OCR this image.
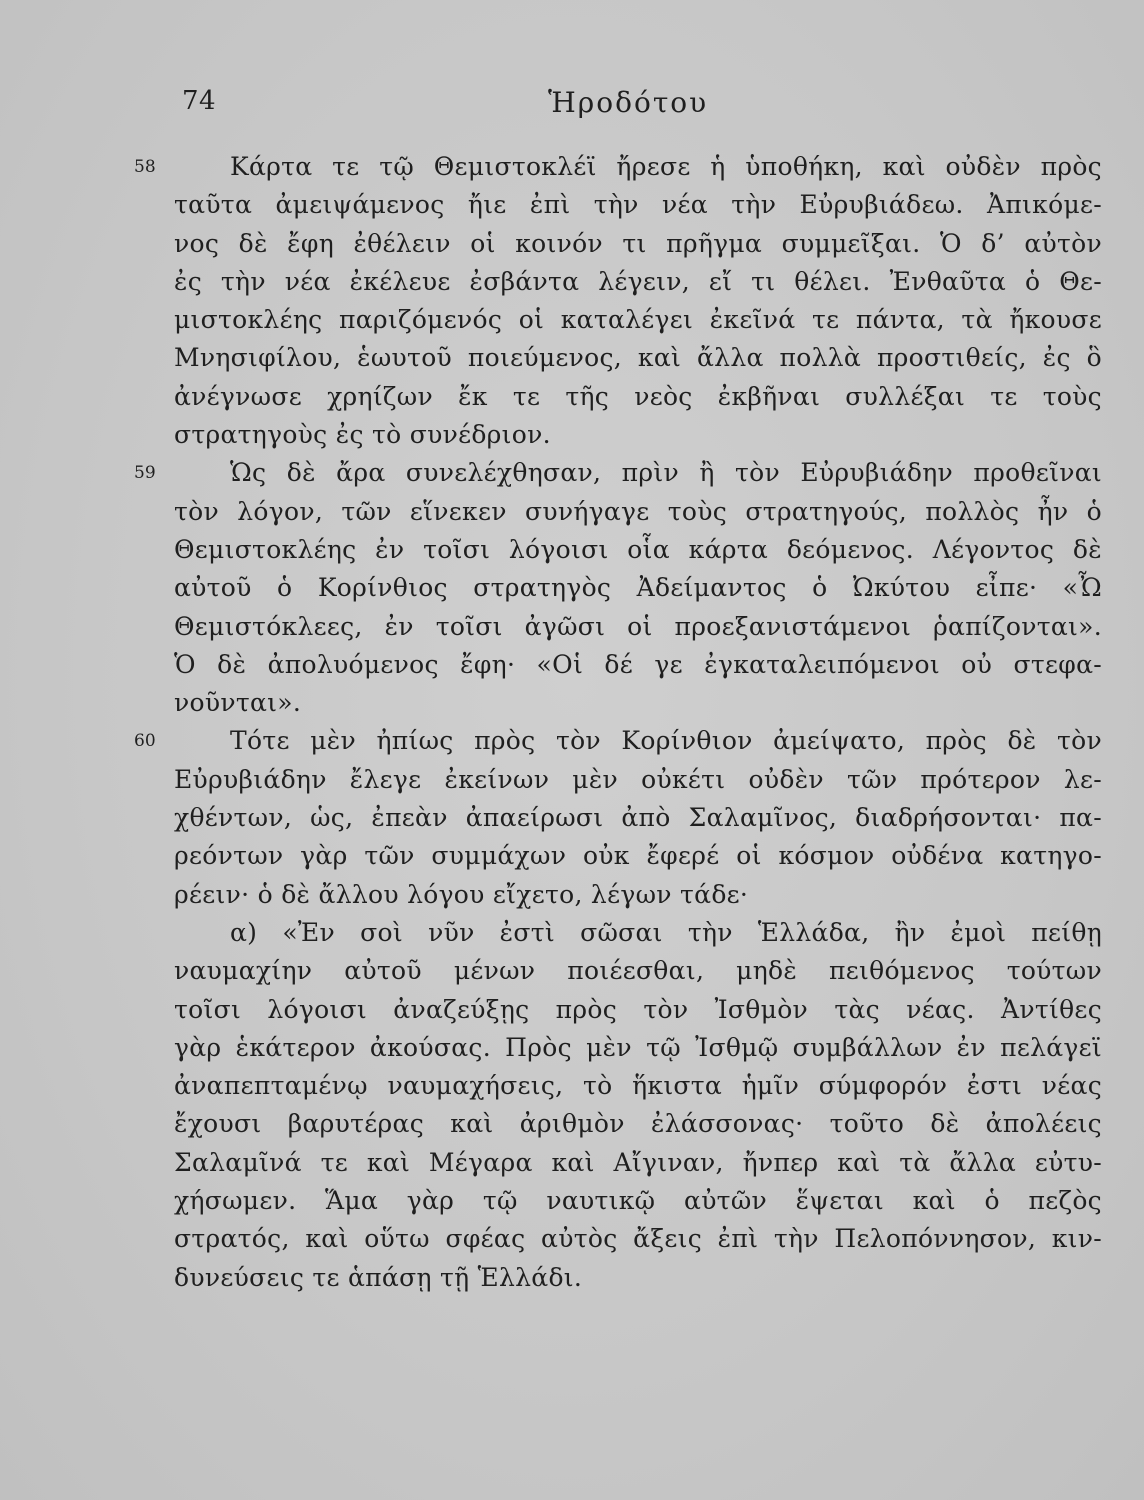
74	Ἡροδότου
58	Κάρτα τε τῷ Θεμιστοκλέϊ ἤρεσε ἡ ὑποθήκη, καὶ οὐδὲν πρὸς
ταῦτα ἀμειψάμενος ἤιε ἐπὶ τὴν νέα τὴν Εὐρυβιάδεω. Ἀπικόμε-
νος δὲ ἔφη ἐθέλειν οἱ κοινόν τι πρῆγμα συμμεῖξαι. Ὁ δ’ αὐτὸν
ἐς τὴν νέα ἐκέλευε ἐσβάντα λέγειν, εἴ τι θέλει. Ἐνθαῦτα ὁ Θε-
μιστοκλέης παριζόμενός οἱ καταλέγει ἐκεῖνά τε πάντα, τὰ ἤκουσε
Μνησιφίλου, ἑωυτοῦ ποιεύμενος, καὶ ἄλλα πολλὰ προστιθείς, ἐς ὃ
ἀνέγνωσε χρηίζων ἔκ τε τῆς νεὸς ἐκβῆναι συλλέξαι τε τοὺς
στρατηγοὺς ἐς τὸ συνέδριον.
59	Ὡς δὲ ἄρα συνελέχθησαν, πρὶν ἢ τὸν Εὐρυβιάδην προθεῖναι
τὸν λόγον, τῶν εἵνεκεν συνήγαγε τοὺς στρατηγούς, πολλὸς ἦν ὁ
Θεμιστοκλέης ἐν τοῖσι λόγοισι οἷα κάρτα δεόμενος. Λέγοντος δὲ
αὐτοῦ ὁ Κορίνθιος στρατηγὸς Ἀδείμαντος ὁ Ὠκύτου εἶπε· «Ὦ
Θεμιστόκλεες, ἐν τοῖσι ἀγῶσι οἱ προεξανιστάμενοι ῥαπίζονται».
Ὁ δὲ ἀπολυόμενος ἔφη· «Οἱ δέ γε ἐγκαταλειπόμενοι οὐ στεφα-
νοῦνται».
60	Τότε μὲν ἠπίως πρὸς τὸν Κορίνθιον ἀμείψατο, πρὸς δὲ τὸν
Εὐρυβιάδην ἔλεγε ἐκείνων μὲν οὐκέτι οὐδὲν τῶν πρότερον λε-
χθέντων, ὡς, ἐπεὰν ἀπαείρωσι ἀπὸ Σαλαμῖνος, διαδρήσονται· πα-
ρεόντων γὰρ τῶν συμμάχων οὐκ ἔφερέ οἱ κόσμον οὐδένα κατηγο-
ρέειν· ὁ δὲ ἄλλου λόγου εἴχετο, λέγων τάδε·
α) «Ἐν σοὶ νῦν ἐστὶ σῶσαι τὴν Ἑλλάδα, ἢν ἐμοὶ πείθῃ
ναυμαχίην αὐτοῦ μένων ποιέεσθαι, μηδὲ πειθόμενος τούτων
τοῖσι λόγοισι ἀναζεύξῃς πρὸς τὸν Ἰσθμὸν τὰς νέας. Ἀντίθες
γὰρ ἑκάτερον ἀκούσας. Πρὸς μὲν τῷ Ἰσθμῷ συμβάλλων ἐν πελάγεϊ
ἀναπεπταμένῳ ναυμαχήσεις, τὸ ἥκιστα ἡμῖν σύμφορόν ἐστι νέας
ἔχουσι βαρυτέρας καὶ ἀριθμὸν ἐλάσσονας· τοῦτο δὲ ἀπολέεις
Σαλαμῖνά τε καὶ Μέγαρα καὶ Αἴγιναν, ἤνπερ καὶ τὰ ἄλλα εὐτυ-
χήσωμεν. Ἅμα γὰρ τῷ ναυτικῷ αὐτῶν ἕψεται καὶ ὁ πεζὸς
στρατός, καὶ οὕτω σφέας αὐτὸς ἄξεις ἐπὶ τὴν Πελοπόννησον, κιν-
δυνεύσεις τε ἁπάσῃ τῇ Ἑλλάδι.
